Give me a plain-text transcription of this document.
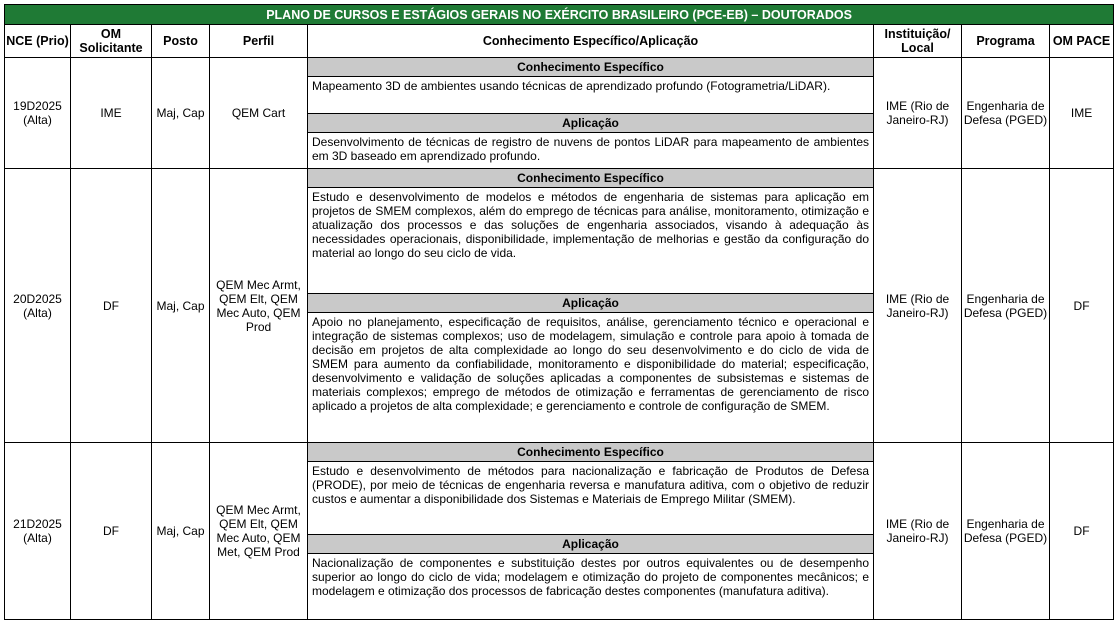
PLANO DE CURSOS E ESTÁGIOS GERAIS NO EXÉRCITO BRASILEIRO (PCE-EB) – DOUTORADOS							
NCE (Prio)	OM Solicitante	Posto	Perfil	Conhecimento Específico/Aplicação	Instituição/ Local	Programa	OM PACE
19D2025 (Alta)	IME	Maj, Cap	QEM Cart	Conhecimento Específico
Mapeamento 3D de ambientes usando técnicas de aprendizado profundo (Fotogrametria/LiDAR).
Aplicação
Desenvolvimento de técnicas de registro de nuvens de pontos LiDAR para mapeamento de ambientes em 3D baseado em aprendizado profundo.	IME (Rio de Janeiro-RJ)	Engenharia de Defesa (PGED)	IME
20D2025 (Alta)	DF	Maj, Cap	QEM Mec Armt, QEM Elt, QEM Mec Auto, QEM Prod	Conhecimento Específico
Estudo e desenvolvimento de modelos e métodos de engenharia de sistemas para aplicação em projetos de SMEM complexos, além do emprego de técnicas para análise, monitoramento, otimização e atualização dos processos e das soluções de engenharia associados, visando à adequação às necessidades operacionais, disponibilidade, implementação de melhorias e gestão da configuração do material ao longo do seu ciclo de vida.
Aplicação
Apoio no planejamento, especificação de requisitos, análise, gerenciamento técnico e operacional e integração de sistemas complexos; uso de modelagem, simulação e controle para apoio à tomada de decisão em projetos de alta complexidade ao longo do seu desenvolvimento e do ciclo de vida de SMEM para aumento da confiabilidade, monitoramento e disponibilidade do material; especificação, desenvolvimento e validação de soluções aplicadas a componentes de subsistemas e sistemas de materiais complexos; emprego de métodos de otimização e ferramentas de gerenciamento de risco aplicado a projetos de alta complexidade; e gerenciamento e controle de configuração de SMEM.	IME (Rio de Janeiro-RJ)	Engenharia de Defesa (PGED)	DF
21D2025 (Alta)	DF	Maj, Cap	QEM Mec Armt, QEM Elt, QEM Mec Auto, QEM Met, QEM Prod	Conhecimento Específico
Estudo e desenvolvimento de métodos para nacionalização e fabricação de Produtos de Defesa (PRODE), por meio de técnicas de engenharia reversa e manufatura aditiva, com o objetivo de reduzir custos e aumentar a disponibilidade dos Sistemas e Materiais de Emprego Militar (SMEM).
Aplicação
Nacionalização de componentes e substituição destes por outros equivalentes ou de desempenho superior ao longo do ciclo de vida; modelagem e otimização do projeto de componentes mecânicos; e modelagem e otimização dos processos de fabricação destes componentes (manufatura aditiva).	IME (Rio de Janeiro-RJ)	Engenharia de Defesa (PGED)	DF
